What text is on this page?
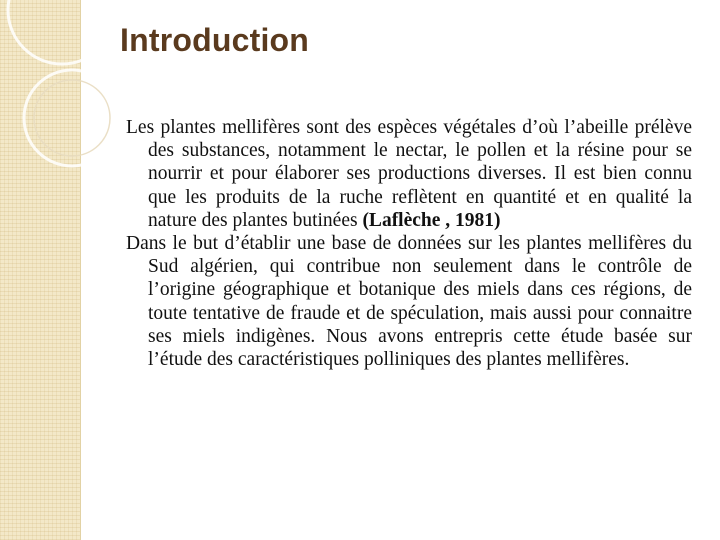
Introduction

Les plantes mellifères sont des espèces végétales d’où l’abeille prélève des substances, notamment le nectar, le pollen et la résine pour se nourrir et pour élaborer ses productions diverses. Il est bien connu que les produits de la ruche reflètent en quantité et en qualité la nature des plantes butinées (Laflèche , 1981)

Dans le but d’établir une base de données sur les plantes mellifères du Sud algérien, qui contribue non seulement dans le contrôle de l’origine géographique et botanique des miels dans ces régions, de toute tentative de fraude et de spéculation, mais aussi pour connaitre ses miels indigènes. Nous avons entrepris cette étude basée sur l’étude des caractéristiques polliniques des plantes mellifères.
